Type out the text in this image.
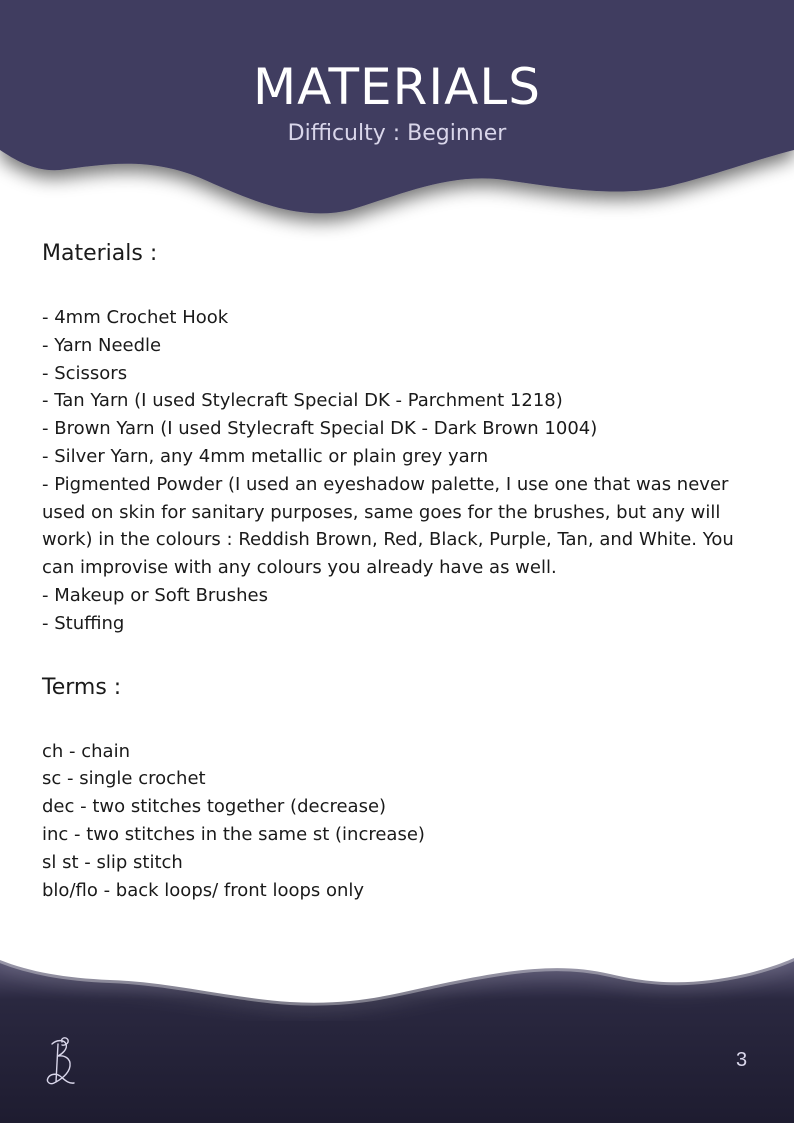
MATERIALS

Difficulty : Beginner

Materials :
- 4mm Crochet Hook
- Yarn Needle
- Scissors
- Tan Yarn (I used Stylecraft Special DK - Parchment 1218)
- Brown Yarn (I used Stylecraft Special DK - Dark Brown 1004)
- Silver Yarn, any 4mm metallic or plain grey yarn
- Pigmented Powder (I used an eyeshadow palette, I use one that was never used on skin for sanitary purposes, same goes for the brushes, but any will work) in the colours : Reddish Brown, Red, Black, Purple, Tan, and White. You can improvise with any colours you already have as well.
- Makeup or Soft Brushes
- Stuffing
Terms :
ch - chain
sc - single crochet
dec - two stitches together (decrease)
inc - two stitches in the same st (increase)
sl st - slip stitch
blo/flo - back loops/ front loops only
3
